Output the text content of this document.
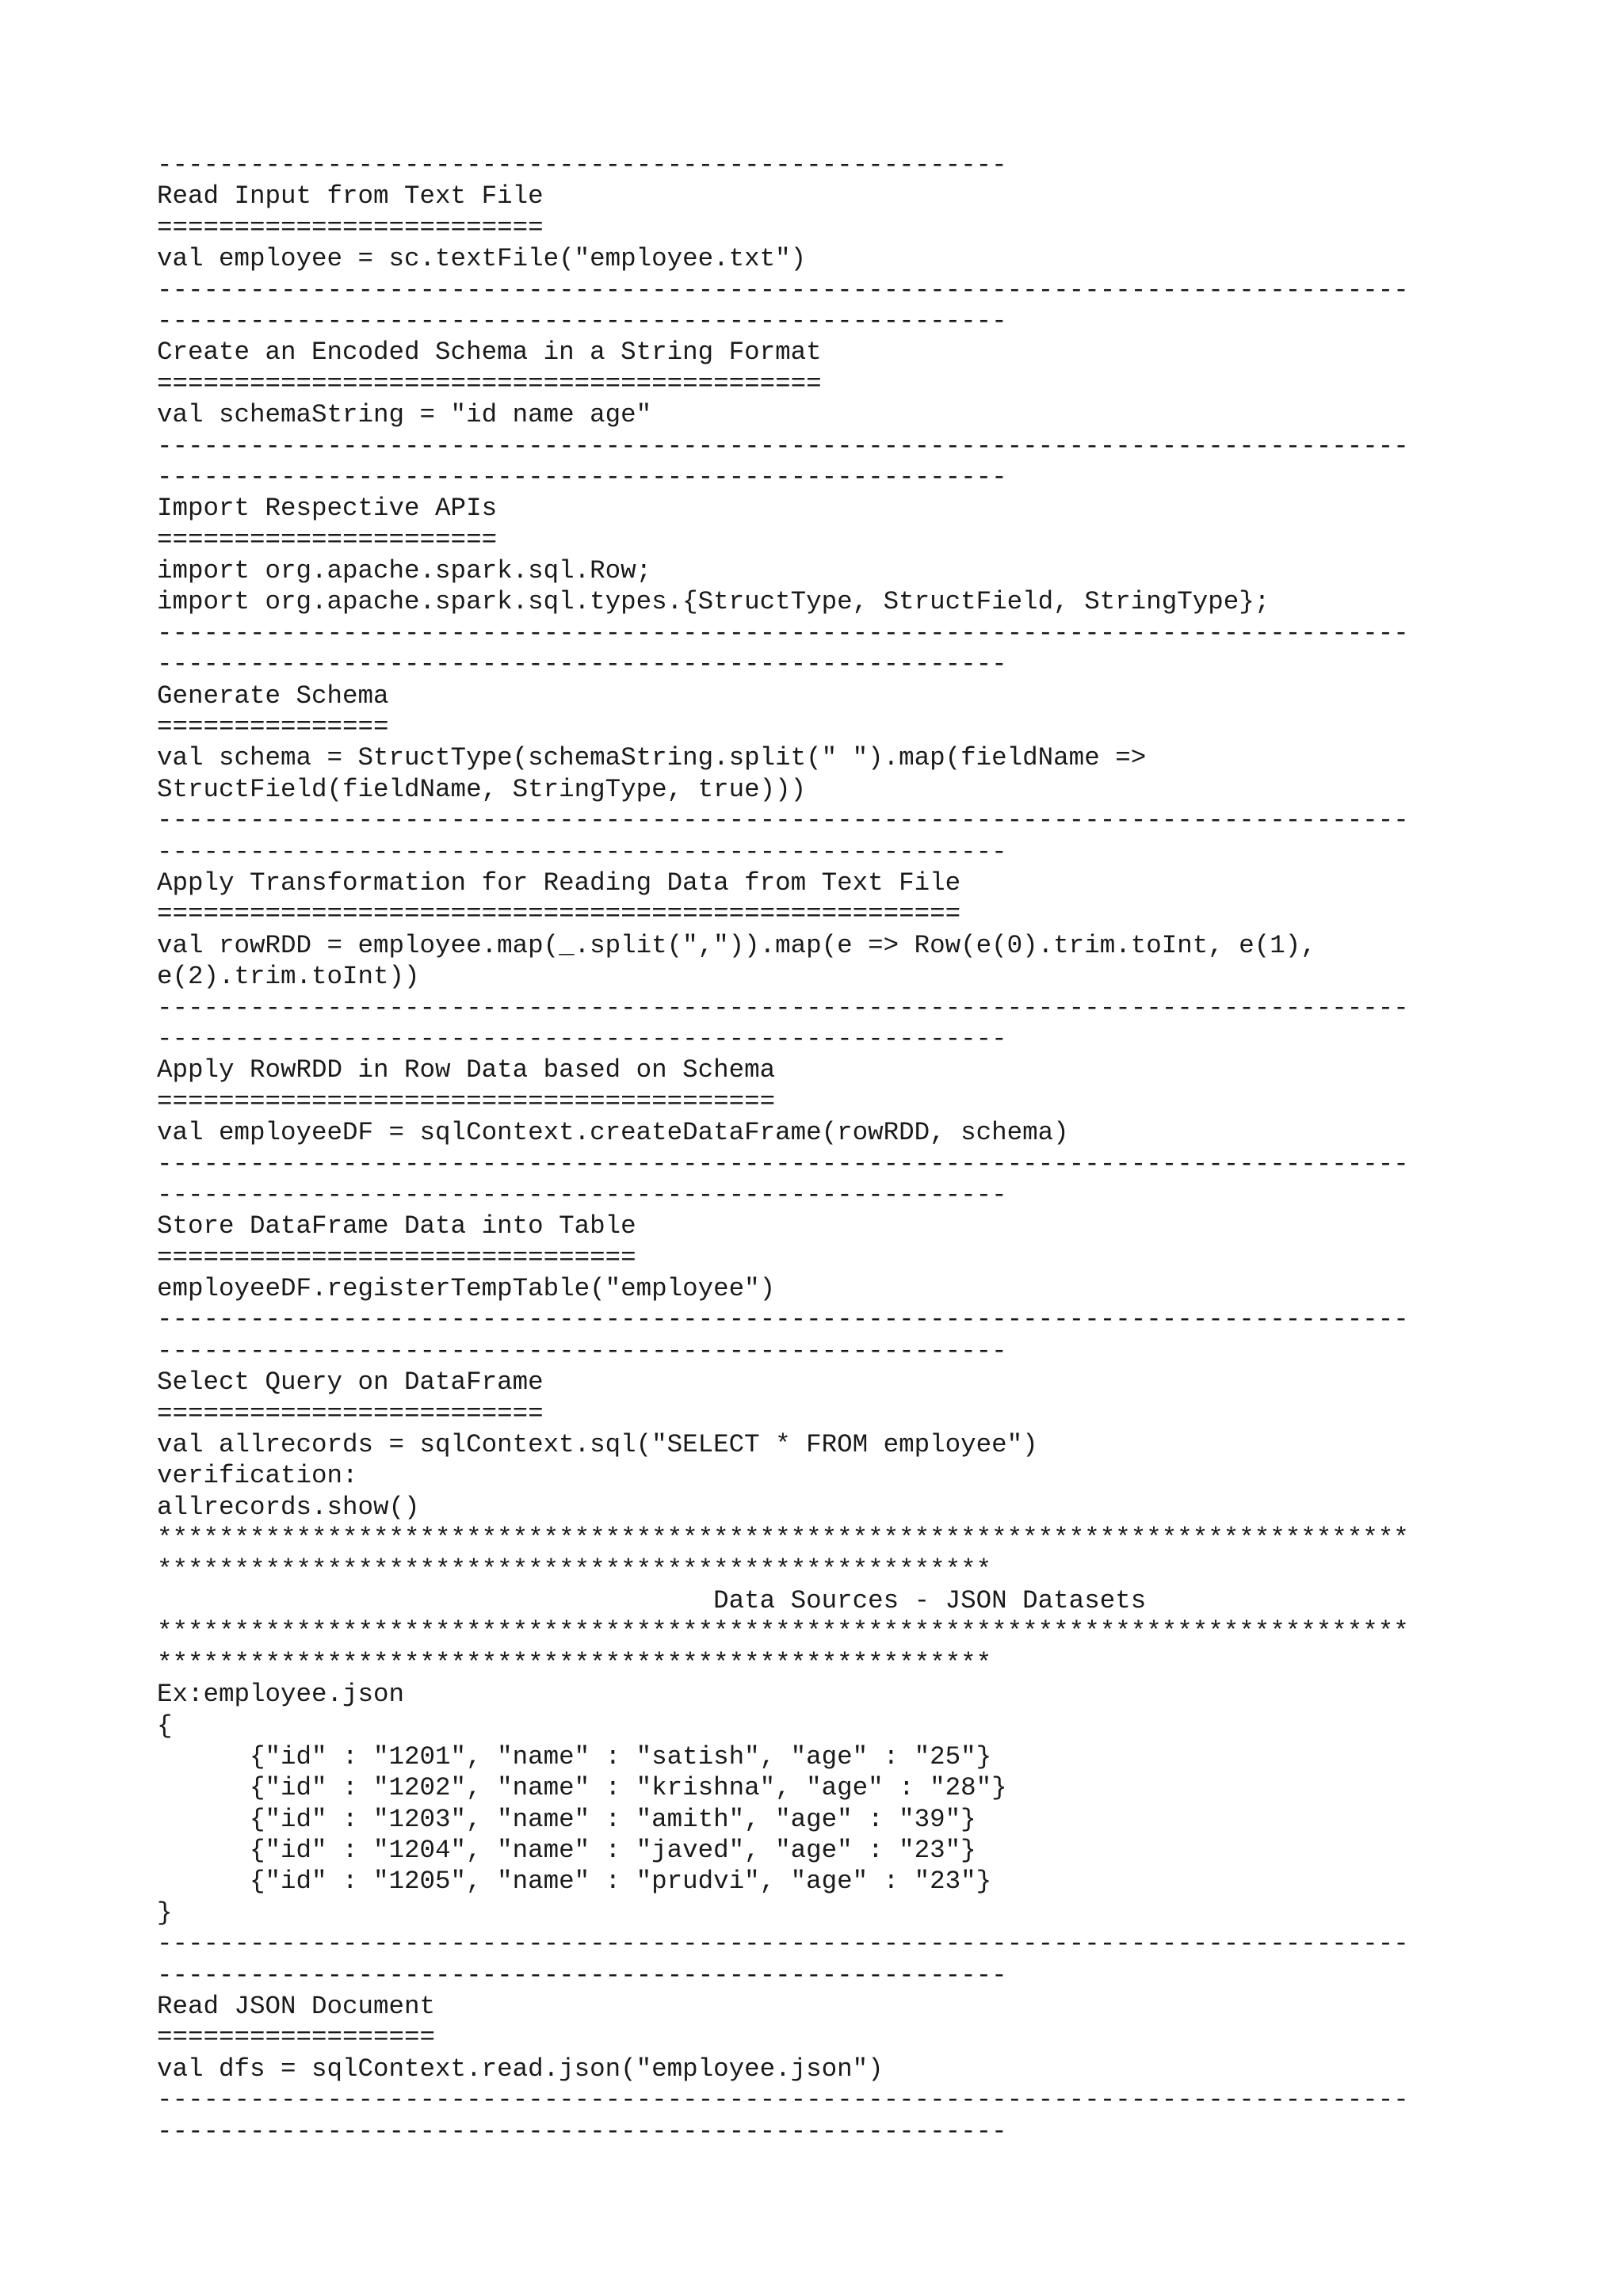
-------------------------------------------------------
Read Input from Text File
=========================
val employee = sc.textFile("employee.txt")
---------------------------------------------------------------------------------
-------------------------------------------------------
Create an Encoded Schema in a String Format
===========================================
val schemaString = "id name age"
---------------------------------------------------------------------------------
-------------------------------------------------------
Import Respective APIs
======================
import org.apache.spark.sql.Row;
import org.apache.spark.sql.types.{StructType, StructField, StringType};
---------------------------------------------------------------------------------
-------------------------------------------------------
Generate Schema
===============
val schema = StructType(schemaString.split(" ").map(fieldName =>
StructField(fieldName, StringType, true)))
---------------------------------------------------------------------------------
-------------------------------------------------------
Apply Transformation for Reading Data from Text File
====================================================
val rowRDD = employee.map(_.split(",")).map(e => Row(e(0).trim.toInt, e(1),
e(2).trim.toInt))
---------------------------------------------------------------------------------
-------------------------------------------------------
Apply RowRDD in Row Data based on Schema
========================================
val employeeDF = sqlContext.createDataFrame(rowRDD, schema)
---------------------------------------------------------------------------------
-------------------------------------------------------
Store DataFrame Data into Table
===============================
employeeDF.registerTempTable("employee")
---------------------------------------------------------------------------------
-------------------------------------------------------
Select Query on DataFrame
=========================
val allrecords = sqlContext.sql("SELECT * FROM employee")
verification:
allrecords.show()
*********************************************************************************
******************************************************
Data Sources - JSON Datasets
*********************************************************************************
******************************************************
Ex:employee.json
{
{"id" : "1201", "name" : "satish", "age" : "25"}
{"id" : "1202", "name" : "krishna", "age" : "28"}
{"id" : "1203", "name" : "amith", "age" : "39"}
{"id" : "1204", "name" : "javed", "age" : "23"}
{"id" : "1205", "name" : "prudvi", "age" : "23"}
}
---------------------------------------------------------------------------------
-------------------------------------------------------
Read JSON Document
==================
val dfs = sqlContext.read.json("employee.json")
---------------------------------------------------------------------------------
-------------------------------------------------------
